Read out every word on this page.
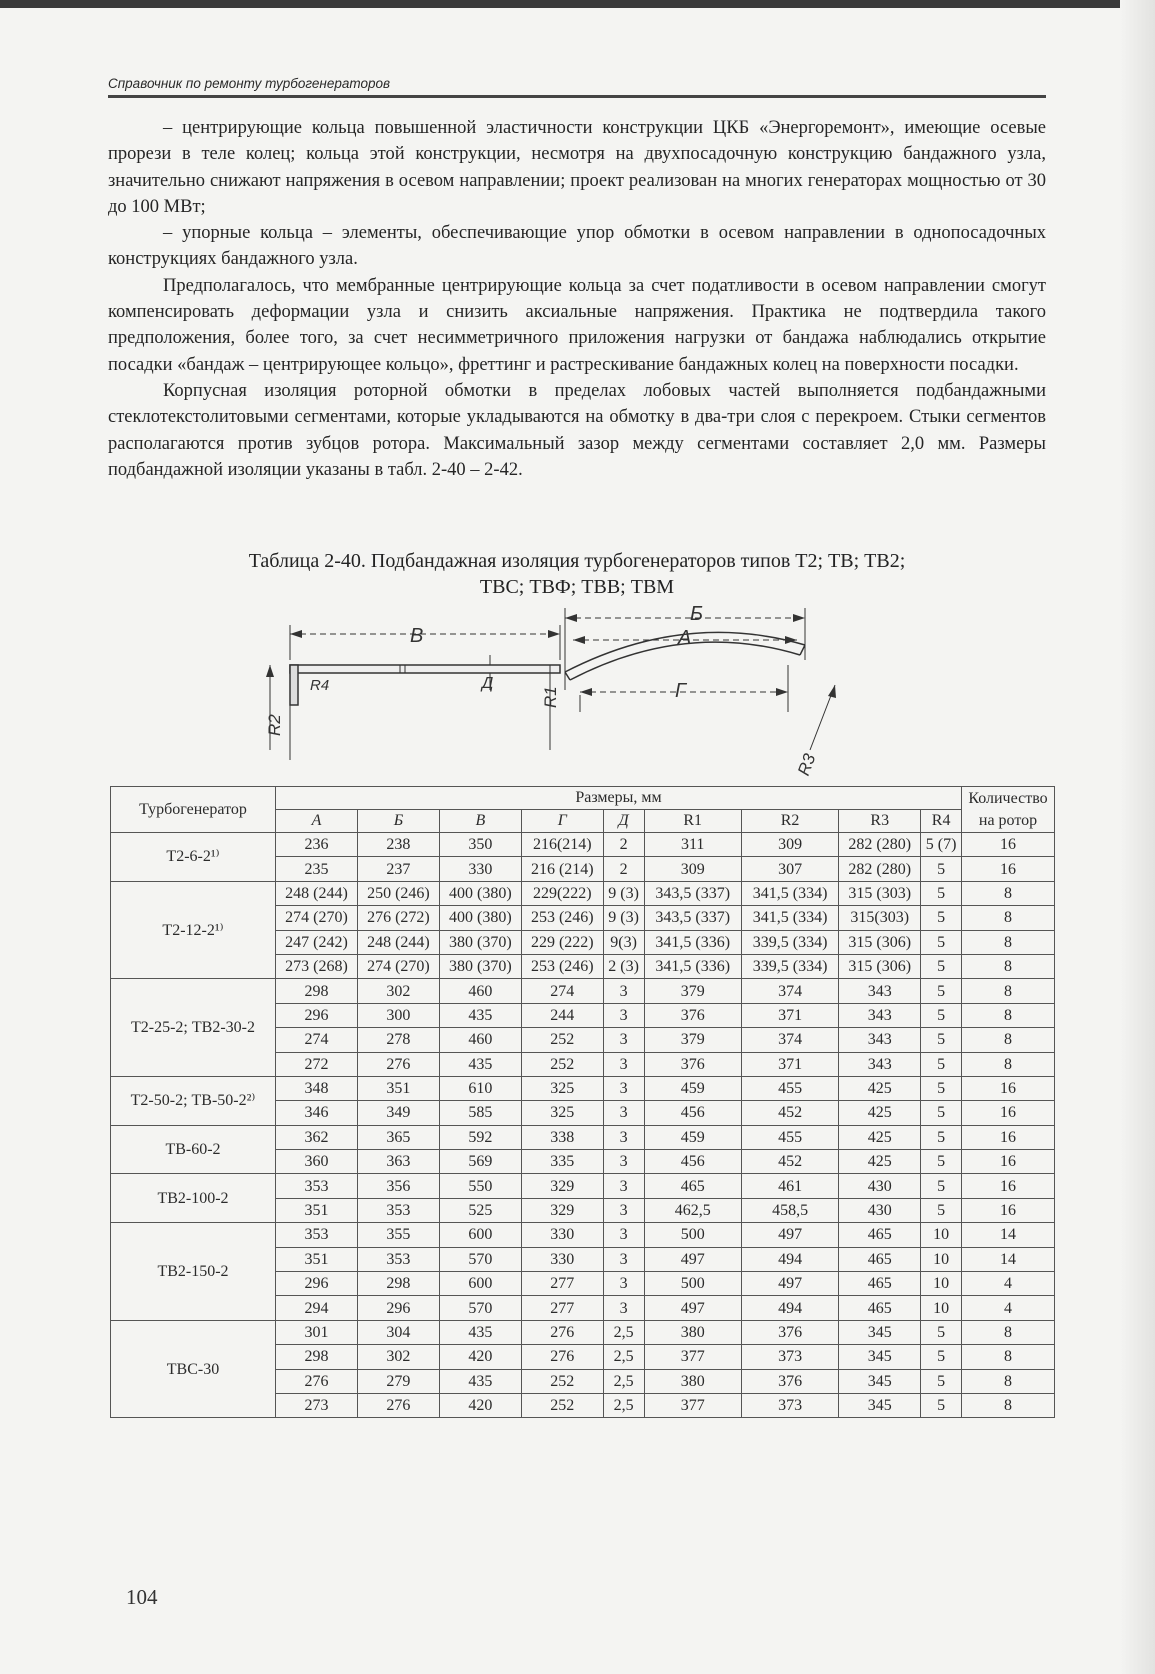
Справочник по ремонту турбогенераторов

– центрирующие кольца повышенной эластичности конструкции ЦКБ «Энергоремонт», имеющие осевые прорези в теле колец; кольца этой конструкции, несмотря на двухпосадочную конструкцию бандажного узла, значительно снижают напряжения в осевом направлении; проект реализован на многих генераторах мощностью от 30 до 100 МВт;

– упорные кольца – элементы, обеспечивающие упор обмотки в осевом направлении в однопосадочных конструкциях бандажного узла.

Предполагалось, что мембранные центрирующие кольца за счет податливости в осевом направлении смогут компенсировать деформации узла и снизить аксиальные напряжения. Практика не подтвердила такого предположения, более того, за счет несимметричного приложения нагрузки от бандажа наблюдались открытие посадки «бандаж – центрирующее кольцо», фреттинг и растрескивание бандажных колец на поверхности посадки.

Корпусная изоляция роторной обмотки в пределах лобовых частей выполняется подбандажными стеклотекстолитовыми сегментами, которые укладываются на обмотку в два-три слоя с перекроем. Стыки сегментов располагаются против зубцов ротора. Максимальный зазор между сегментами составляет 2,0 мм. Размеры подбандажной изоляции указаны в табл. 2-40 – 2-42.

Таблица 2-40. Подбандажная изоляция турбогенераторов типов Т2; ТВ; ТВ2;
ТВС; ТВФ; ТВВ; ТВМ
В
Б
А
Г
R4	Д
R2
R1
R3
Турбогенератор	Размеры, мм									Количество на ротор
	А	Б	В	Г	Д	R1	R2	R3	R4	
Т2-6-2¹⁾	236	238	350	216(214)	2	311	309	282 (280)	5 (7)	16
	235	237	330	216 (214)	2	309	307	282 (280)	5	16
Т2-12-2¹⁾	248 (244)	250 (246)	400 (380)	229(222)	9 (3)	343,5 (337)	341,5 (334)	315 (303)	5	8
	274 (270)	276 (272)	400 (380)	253 (246)	9 (3)	343,5 (337)	341,5 (334)	315(303)	5	8
	247 (242)	248 (244)	380 (370)	229 (222)	9(3)	341,5 (336)	339,5 (334)	315 (306)	5	8
	273 (268)	274 (270)	380 (370)	253 (246)	2 (3)	341,5 (336)	339,5 (334)	315 (306)	5	8
Т2-25-2; ТВ2-30-2	298	302	460	274	3	379	374	343	5	8
	296	300	435	244	3	376	371	343	5	8
	274	278	460	252	3	379	374	343	5	8
	272	276	435	252	3	376	371	343	5	8
Т2-50-2; ТВ-50-2²⁾	348	351	610	325	3	459	455	425	5	16
	346	349	585	325	3	456	452	425	5	16
ТВ-60-2	362	365	592	338	3	459	455	425	5	16
	360	363	569	335	3	456	452	425	5	16
ТВ2-100-2	353	356	550	329	3	465	461	430	5	16
	351	353	525	329	3	462,5	458,5	430	5	16
ТВ2-150-2	353	355	600	330	3	500	497	465	10	14
	351	353	570	330	3	497	494	465	10	14
	296	298	600	277	3	500	497	465	10	4
	294	296	570	277	3	497	494	465	10	4
ТВС-30	301	304	435	276	2,5	380	376	345	5	8
	298	302	420	276	2,5	377	373	345	5	8
	276	279	435	252	2,5	380	376	345	5	8
	273	276	420	252	2,5	377	373	345	5	8
104
